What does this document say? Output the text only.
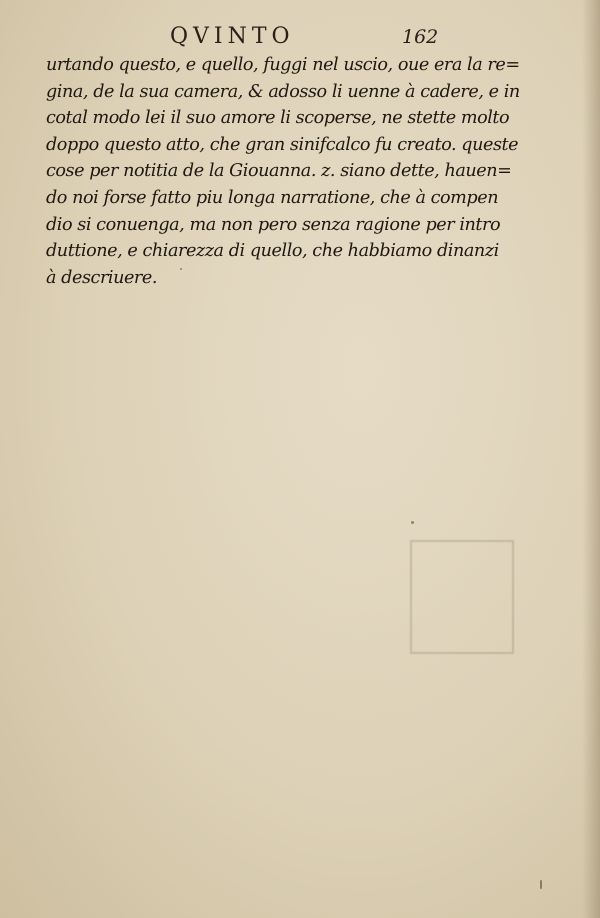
QVINTO	162
urtando questo, e quello, fuggi nel uscio, oue era la re=
gina, de la sua camera, & adosso li uenne à cadere, e in
cotal modo lei il suo amore li scoperse, ne stette molto
doppo questo atto, che gran sinifcalco fu creato. queste
cose per notitia de la Giouanna. z. siano dette, hauen=
do noi forse fatto piu longa narratione, che à compen
dio si conuenga, ma non pero senza ragione per intro
duttione, e chiarezza di quello, che habbiamo dinanzi
à descriuere.
